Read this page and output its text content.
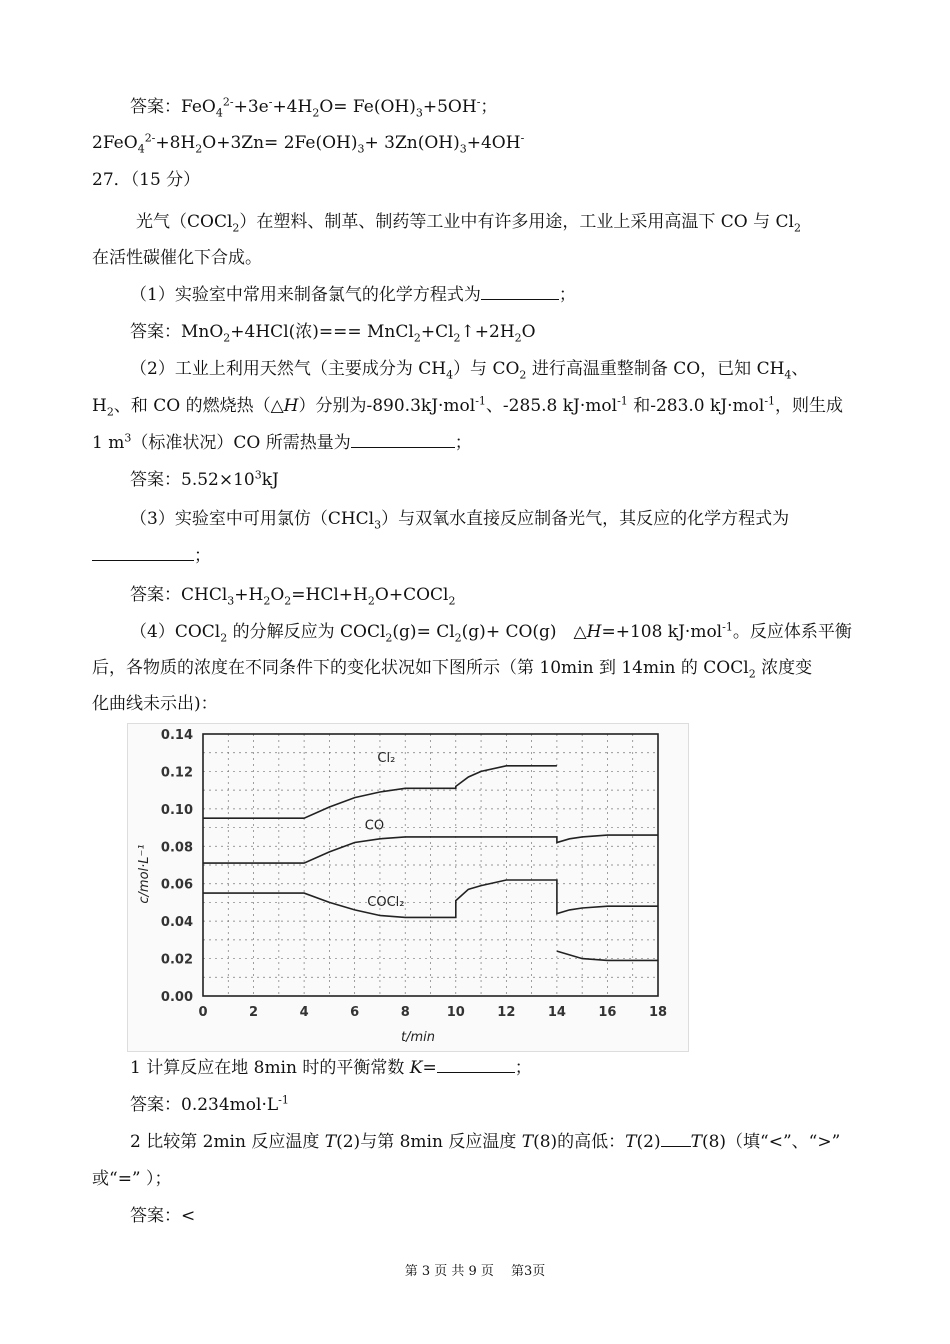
答案：$FeO_4^{2-}+3e^-+4H_2O= Fe(OH)_3+5OH^-$；
$2FeO_4^{2-}+8H_2O+3Zn= 2Fe(OH)_3+ 3Zn(OH)_3+4OH^-$
27．（15 分）
光气（COCl$_2$）在塑料、制革、制药等工业中有许多用途，工业上采用高温下 CO 与 $Cl_2$
在活性碳催化下合成。
（1）实验室中常用来制备氯气的化学方程式为	；
答案：MnO$_2$+4HCl(浓)=== $MnCl_2+Cl_2↑+2H_2O$
（2）工业上利用天然气（主要成分为 $CH_4$）与 $CO_2$ 进行高温重整制备 CO，已知 $CH_4$、
$H_2$、和 CO 的燃烧热（△H）分别为-890.3kJ·mol$^{-1}$、-285.8 kJ·mol$^{-1}$ 和-283.0 kJ·mol$^{-1}$，则生成
1 $m^3$（标准状况）CO 所需热量为	；
答案：$5.52\times 10^3kJ$
（3）实验室中可用氯仿（CHCl$_3$）与双氧水直接反应制备光气，其反应的化学方程式为
；
答案：$CHCl_3+H_2O_2=HCl+H_2O+COCl_2$
（4）COCl$_2$ 的分解反应为 COCl$_2$(g)= $Cl_2(g)+ CO(g)$　△H=+108 kJ·mol$^{-1}$。反应体系平衡
后，各物质的浓度在不同条件下的变化状况如下图所示（第 10min 到 14min 的 COCl$_2$ 浓度变
化曲线未示出)：
0.00
0.02
0.04
0.06
0.08
0.10
0.12
0.14
0	2	4	6	8	10 12 14 16 18
Cl₂
CO
COCl₂
t/min
c/mol·L⁻¹
1 计算反应在地 8min 时的平衡常数 K=	；
答案：$0.234mol\cdot L^{-1}$
2 比较第 2min 反应温度 T(2)与第 8min 反应温度 T(8)的高低：T(2) T(8)（填“<”、“>”
或“=” ）；
答案：<
第 3 页 共 9 页　 第3页
